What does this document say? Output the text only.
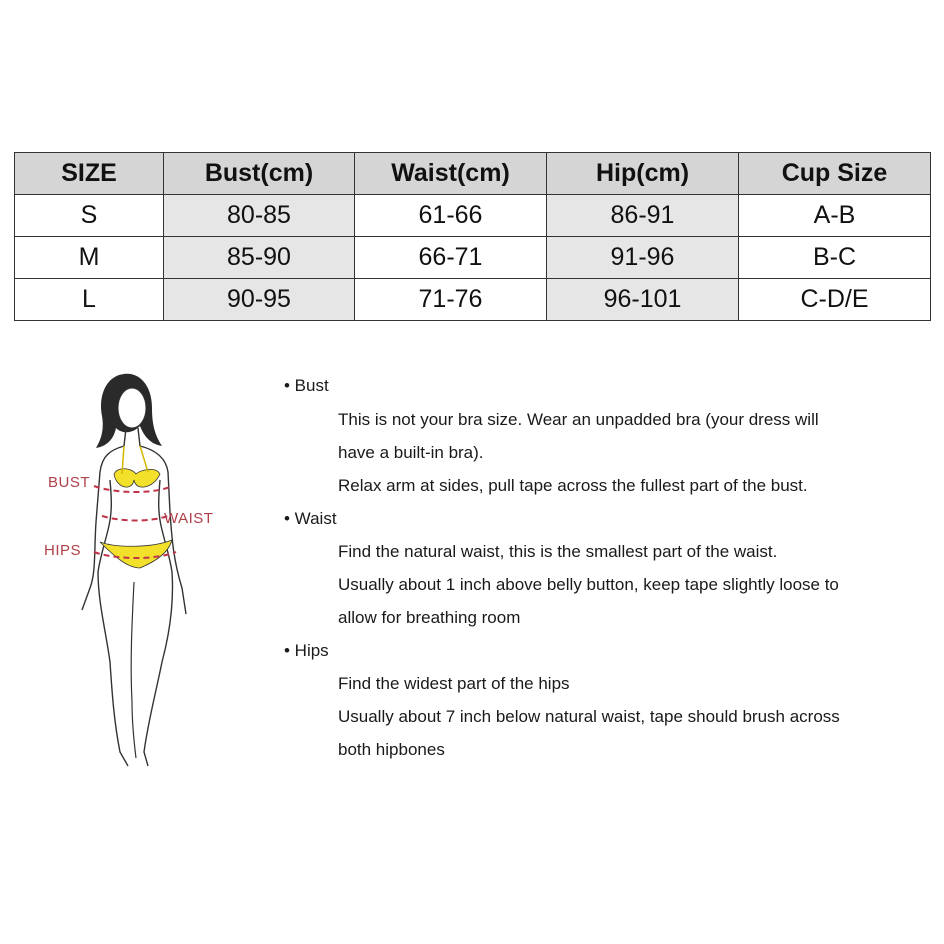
SIZE	Bust(cm)	Waist(cm)	Hip(cm)	Cup Size
S	80-85	61-66	86-91	A-B
M	85-90	66-71	91-96	B-C
L	90-95	71-76	96-101	C-D/E
BUST
WAIST
HIPS
• Bust
This is not your bra size. Wear an unpadded bra (your dress will
have a built-in bra).
Relax arm at sides, pull tape across the fullest part of the bust.
• Waist
Find the natural waist, this is the smallest part of the waist.
Usually about 1 inch above belly button, keep tape slightly loose to
allow for breathing room
• Hips
Find the widest part of the hips
Usually about 7 inch below natural waist, tape should brush across
both hipbones
